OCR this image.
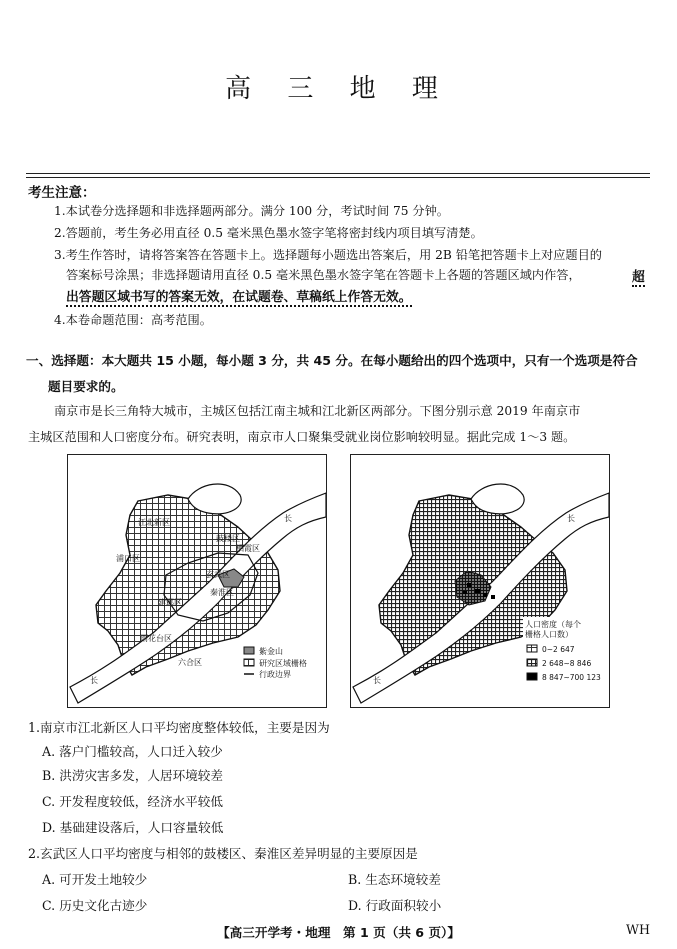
高 三 地 理
考生注意：
1.本试卷分选择题和非选择题两部分。满分 100 分，考试时间 75 分钟。
2.答题前，考生务必用直径 0.5 毫米黑色墨水签字笔将密封线内项目填写清楚。
3.考生作答时，请将答案答在答题卡上。选择题每小题选出答案后，用 2B 铅笔把答题卡上对应题目的
答案标号涂黑；非选择题请用直径 0.5 毫米黑色墨水签字笔在答题卡上各题的答题区域内作答，	超
出答题区域书写的答案无效，在试题卷、草稿纸上作答无效。
4.本卷命题范围：高考范围。
一、选择题：本大题共 15 小题，每小题 3 分，共 45 分。在每小题给出的四个选项中，只有一个选项是符合
题目要求的。
南京市是长三角特大城市，主城区包括江南主城和江北新区两部分。下图分别示意 2019 年南京市
主城区范围和人口密度分布。研究表明，南京市人口聚集受就业岗位影响较明显。据此完成 1～3 题。
鼓楼区
玄武区
秦淮区
建邺区
雨花台区
栖霞区
浦口区
江北新区
六合区
长
长
紫金山
研究区域栅格
行政边界
长
长
人口密度（每个
栅格人口数）
0~2 647
2 648~8 846
8 847~700 123
1.南京市江北新区人口平均密度整体较低，主要是因为
A. 落户门槛较高，人口迁入较少
B. 洪涝灾害多发，人居环境较差
C. 开发程度较低，经济水平较低
D. 基础建设落后，人口容量较低
2.玄武区人口平均密度与相邻的鼓楼区、秦淮区差异明显的主要原因是
A. 可开发土地较少	B. 生态环境较差
C. 历史文化古迹少	D. 行政面积较小
【高三开学考・地理　第 1 页（共 6 页）】	WH
